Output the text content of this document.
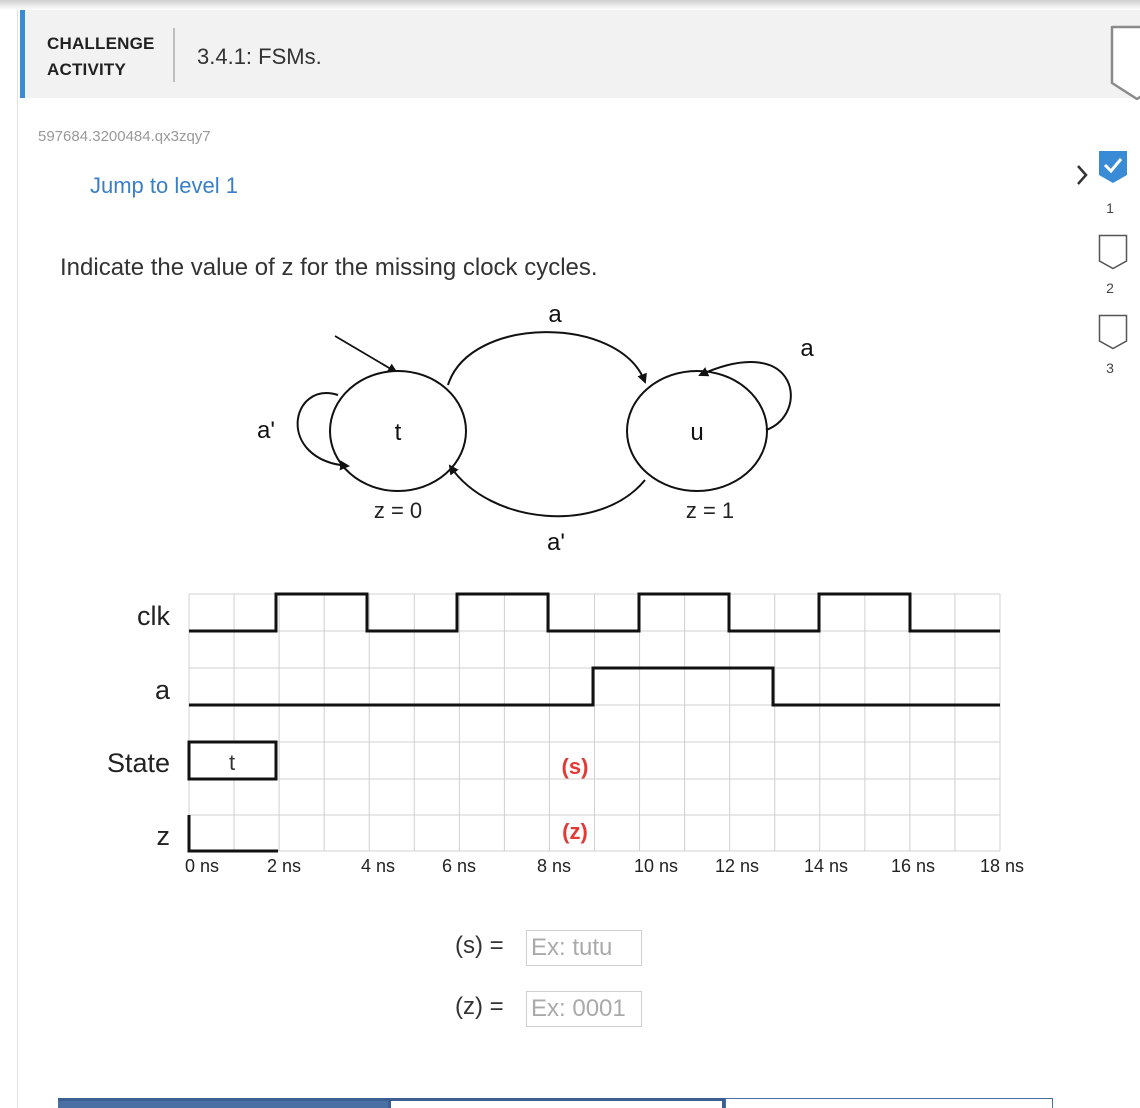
CHALLENGE
ACTIVITY
3.4.1: FSMs.
597684.3200484.qx3zqy7
Jump to level 1
Indicate the value of z for the missing clock cycles.
1
2
3
t
z = 0
u
z = 1
a'
a
a
a'
clk
a
State
z
t	(s)
(z)
0 ns	2 ns	4 ns	6 ns	8 ns	10 ns 12 ns 14 ns 16 ns 18 ns
(s) =
Ex: tutu
(z) =
Ex: 0001
